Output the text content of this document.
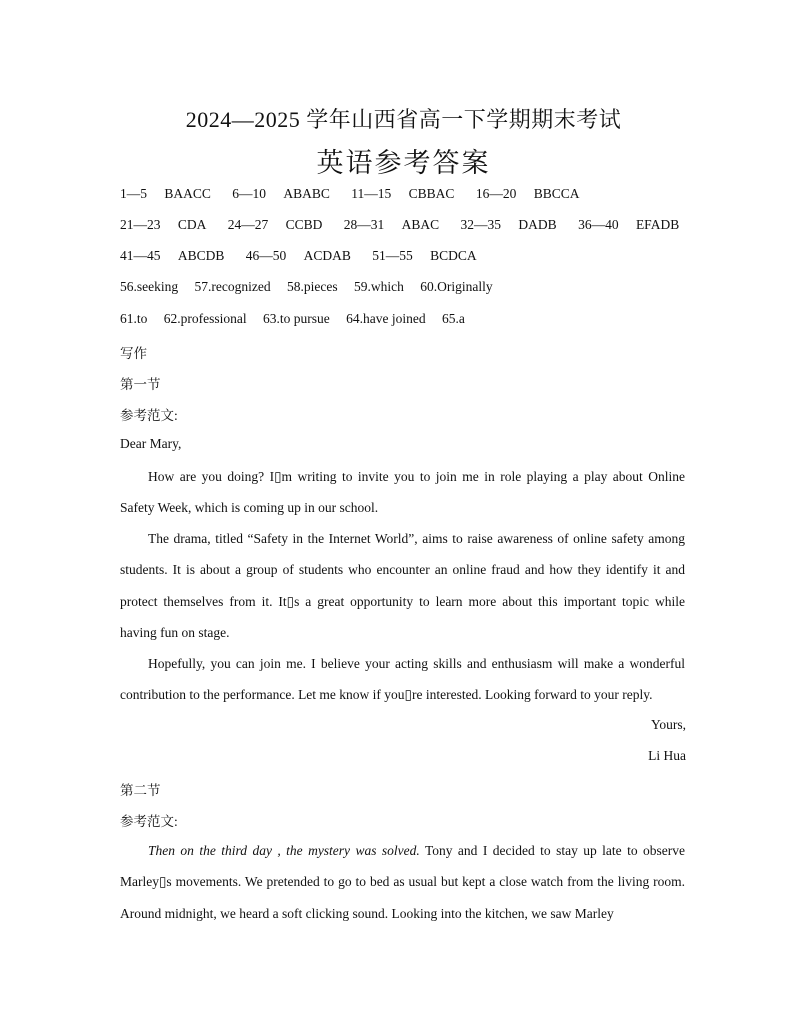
2024—2025 学年山西省高一下学期期末考试
英语参考答案
1—5 BAACC 6—10 ABABC 11—15 CBBAC 16—20 BBCCA
21—23 CDA 24—27 CCBD 28—31 ABAC 32—35 DADB 36—40 EFADB
41—45 ABCDB 46—50 ACDAB 51—55 BCDCA
56.seeking 57.recognized 58.pieces 59.which 60.Originally
61.to 62.professional 63.to pursue 64.have joined 65.a
写作
第一节
参考范文:
Dear Mary,
How are you doing? I▯m writing to invite you to join me in role playing a play about Online Safety Week, which is coming up in our school.
The drama, titled “Safety in the Internet World”, aims to raise awareness of online safety among students. It is about a group of students who encounter an online fraud and how they identify it and protect themselves from it. It▯s a great opportunity to learn more about this important topic while having fun on stage.
Hopefully, you can join me. I believe your acting skills and enthusiasm will make a wonderful contribution to the performance. Let me know if you▯re interested. Looking forward to your reply.
Yours,
Li Hua
第二节
参考范文:
Then on the third day , the mystery was solved. Tony and I decided to stay up late to observe Marley▯s movements. We pretended to go to bed as usual but kept a close watch from the living room. Around midnight, we heard a soft clicking sound. Looking into the kitchen, we saw Marley
